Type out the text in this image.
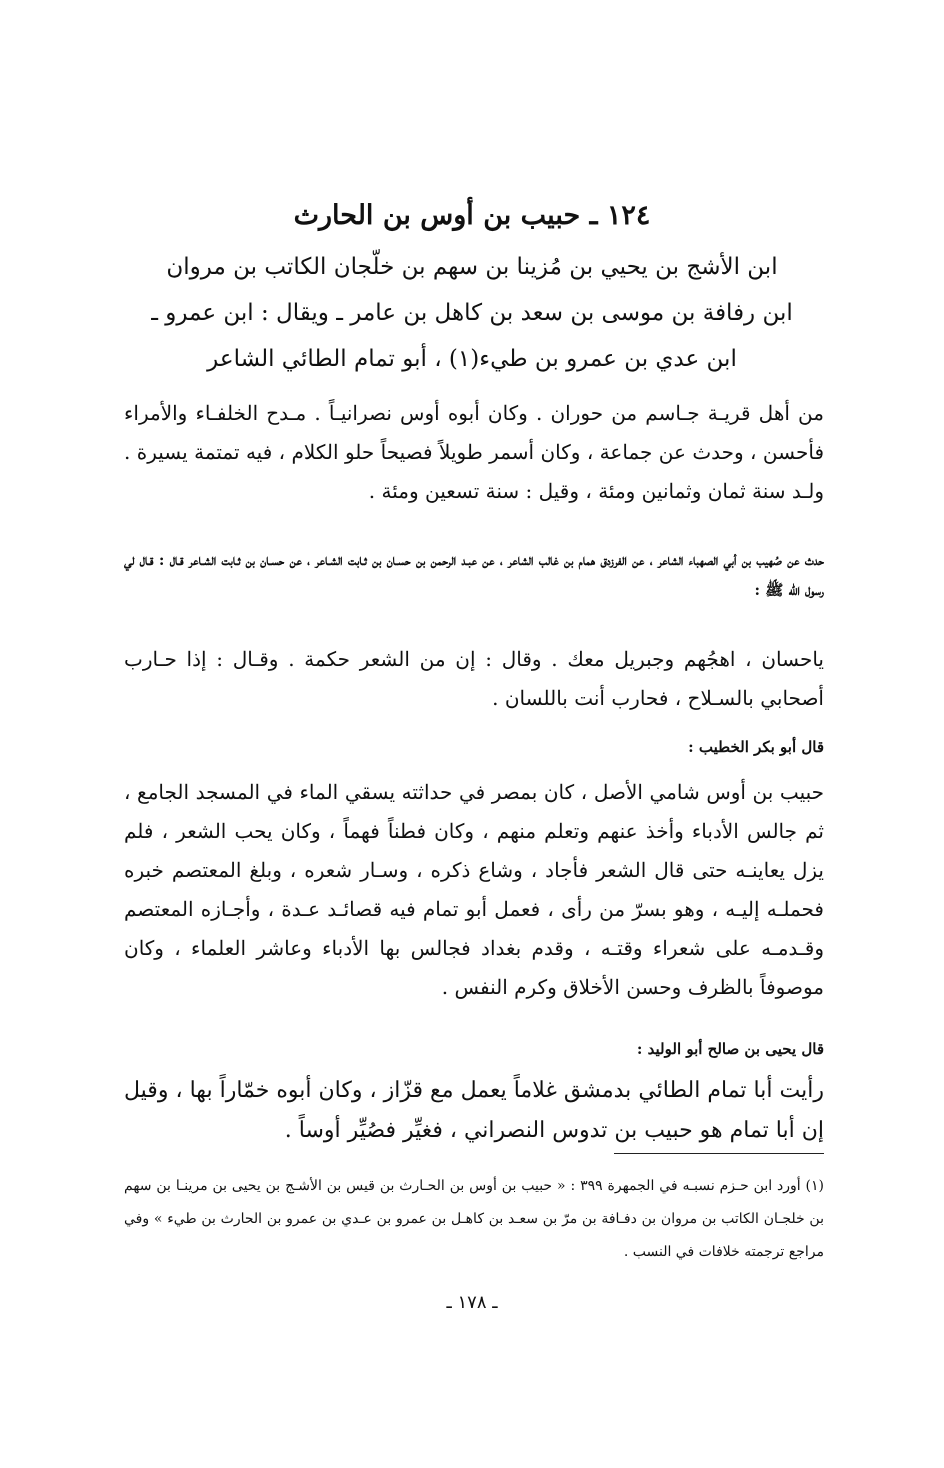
١٢٤ ـ حبيب بن أوس بن الحارث
ابن الأشج بن يحيي بن مُزينا بن سهم بن خلّجان الكاتب بن مروان
ابن رفافة بن موسى بن سعد بن كاهل بن عامر ـ ويقال : ابن عمرو ـ
ابن عدي بن عمرو بن طيء(١) ، أبو تمام الطائي الشاعر

من أهل قريـة جـاسم من حوران . وكان أبوه أوس نصرانيـاً . مـدح الخلفـاء والأمراء فأحسن ، وحدث عن جماعة ، وكان أسمر طويلاً فصيحاً حلو الكلام ، فيه تمتمة يسيرة . ولـد سنة ثمان وثمانين ومئة ، وقيل : سنة تسعين ومئة .

حدث عن صُهيب بن أبي الصهباء الشاعر ، عن الفرزدق همام بن غالب الشاعر ، عن عبـد الرحمن بن حسـان بن ثـابت الشـاعر ، عن حسـان بن ثـابت الشـاعر قـال : قـال لي رسول الله ﷺ :

ياحسان ، اهجُهم وجبريل معك . وقال : إن من الشعر حكمة . وقـال : إذا حـارب أصحابي بالسـلاح ، فحارب أنت باللسان .

قال أبو بكر الخطيب :

حبيب بن أوس شامي الأصل ، كان بمصر في حداثته يسقي الماء في المسجد الجامع ، ثم جالس الأدباء وأخذ عنهم وتعلم منهم ، وكان فطناً فهماً ، وكان يحب الشعر ، فلم يزل يعاينـه حتى قال الشعر فأجاد ، وشاع ذكره ، وسـار شعره ، وبلغ المعتصم خبره فحملـه إليـه ، وهو بسرّ من رأى ، فعمل أبو تمام فيه قصائـد عـدة ، وأجـازه المعتصم وقـدمـه على شعراء وقتـه ، وقدم بغداد فجالس بها الأدباء وعاشر العلماء ، وكان موصوفاً بالظرف وحسن الأخلاق وكرم النفس .

قال يحيى بن صالح أبو الوليد :

رأيت أبا تمام الطائي بدمشق غلاماً يعمل مع قزّاز ، وكان أبوه خمّاراً بها ، وقيل إن أبا تمام هو حبيب بن تدوس النصراني ، فغيِّر فصُيِّر أوساً .

(١) أورد ابن حـزم نسبـه في الجمهرة ٣٩٩ : « حبيب بن أوس بن الحـارث بن قيس بن الأشـج بن يحيى بن مرينـا بن سهم بن خلجـان الكاتب بن مروان بن دفـافة بن مرّ بن سعـد بن كاهـل بن عمرو بن عـدي بن عمرو بن الحارث بن طيء » وفي مراجع ترجمته خلافات في النسب .

ـ ١٧٨ ـ
